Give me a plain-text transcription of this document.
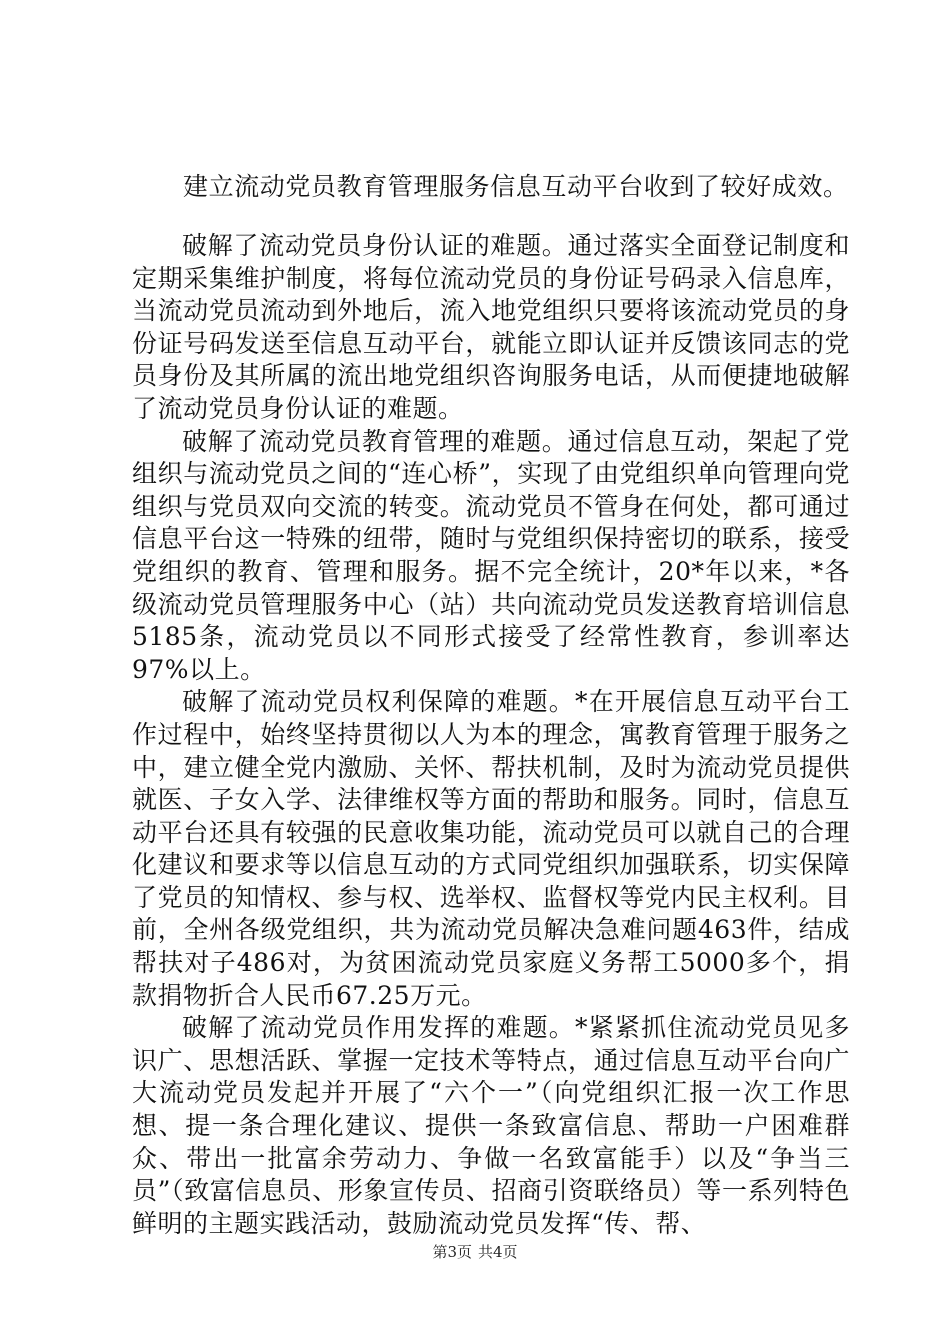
建立流动党员教育管理服务信息互动平台收到了较好成效。

破解了流动党员身份认证的难题。通过落实全面登记制度和定期采集维护制度，将每位流动党员的身份证号码录入信息库，当流动党员流动到外地后，流入地党组织只要将该流动党员的身份证号码发送至信息互动平台，就能立即认证并反馈该同志的党员身份及其所属的流出地党组织咨询服务电话，从而便捷地破解了流动党员身份认证的难题。

破解了流动党员教育管理的难题。通过信息互动，架起了党组织与流动党员之间的“连心桥”，实现了由党组织单向管理向党组织与党员双向交流的转变。流动党员不管身在何处，都可通过信息平台这一特殊的纽带，随时与党组织保持密切的联系，接受党组织的教育、管理和服务。据不完全统计，20*年以来，*各级流动党员管理服务中心（站）共向流动党员发送教育培训信息5185条，流动党员以不同形式接受了经常性教育，参训率达97%以上。

破解了流动党员权利保障的难题。*在开展信息互动平台工作过程中，始终坚持贯彻以人为本的理念，寓教育管理于服务之中，建立健全党内激励、关怀、帮扶机制，及时为流动党员提供就医、子女入学、法律维权等方面的帮助和服务。同时，信息互动平台还具有较强的民意收集功能，流动党员可以就自己的合理化建议和要求等以信息互动的方式同党组织加强联系，切实保障了党员的知情权、参与权、选举权、监督权等党内民主权利。目前，全州各级党组织，共为流动党员解决急难问题463件，结成帮扶对子486对，为贫困流动党员家庭义务帮工5000多个，捐款捐物折合人民币67.25万元。

破解了流动党员作用发挥的难题。*紧紧抓住流动党员见多识广、思想活跃、掌握一定技术等特点，通过信息互动平台向广大流动党员发起并开展了“六个一”（向党组织汇报一次工作思想、提一条合理化建议、提供一条致富信息、帮助一户困难群众、带出一批富余劳动力、争做一名致富能手）以及“争当三员”（致富信息员、形象宣传员、招商引资联络员）等一系列特色鲜明的主题实践活动，鼓励流动党员发挥“传、帮、

第3页 共4页
